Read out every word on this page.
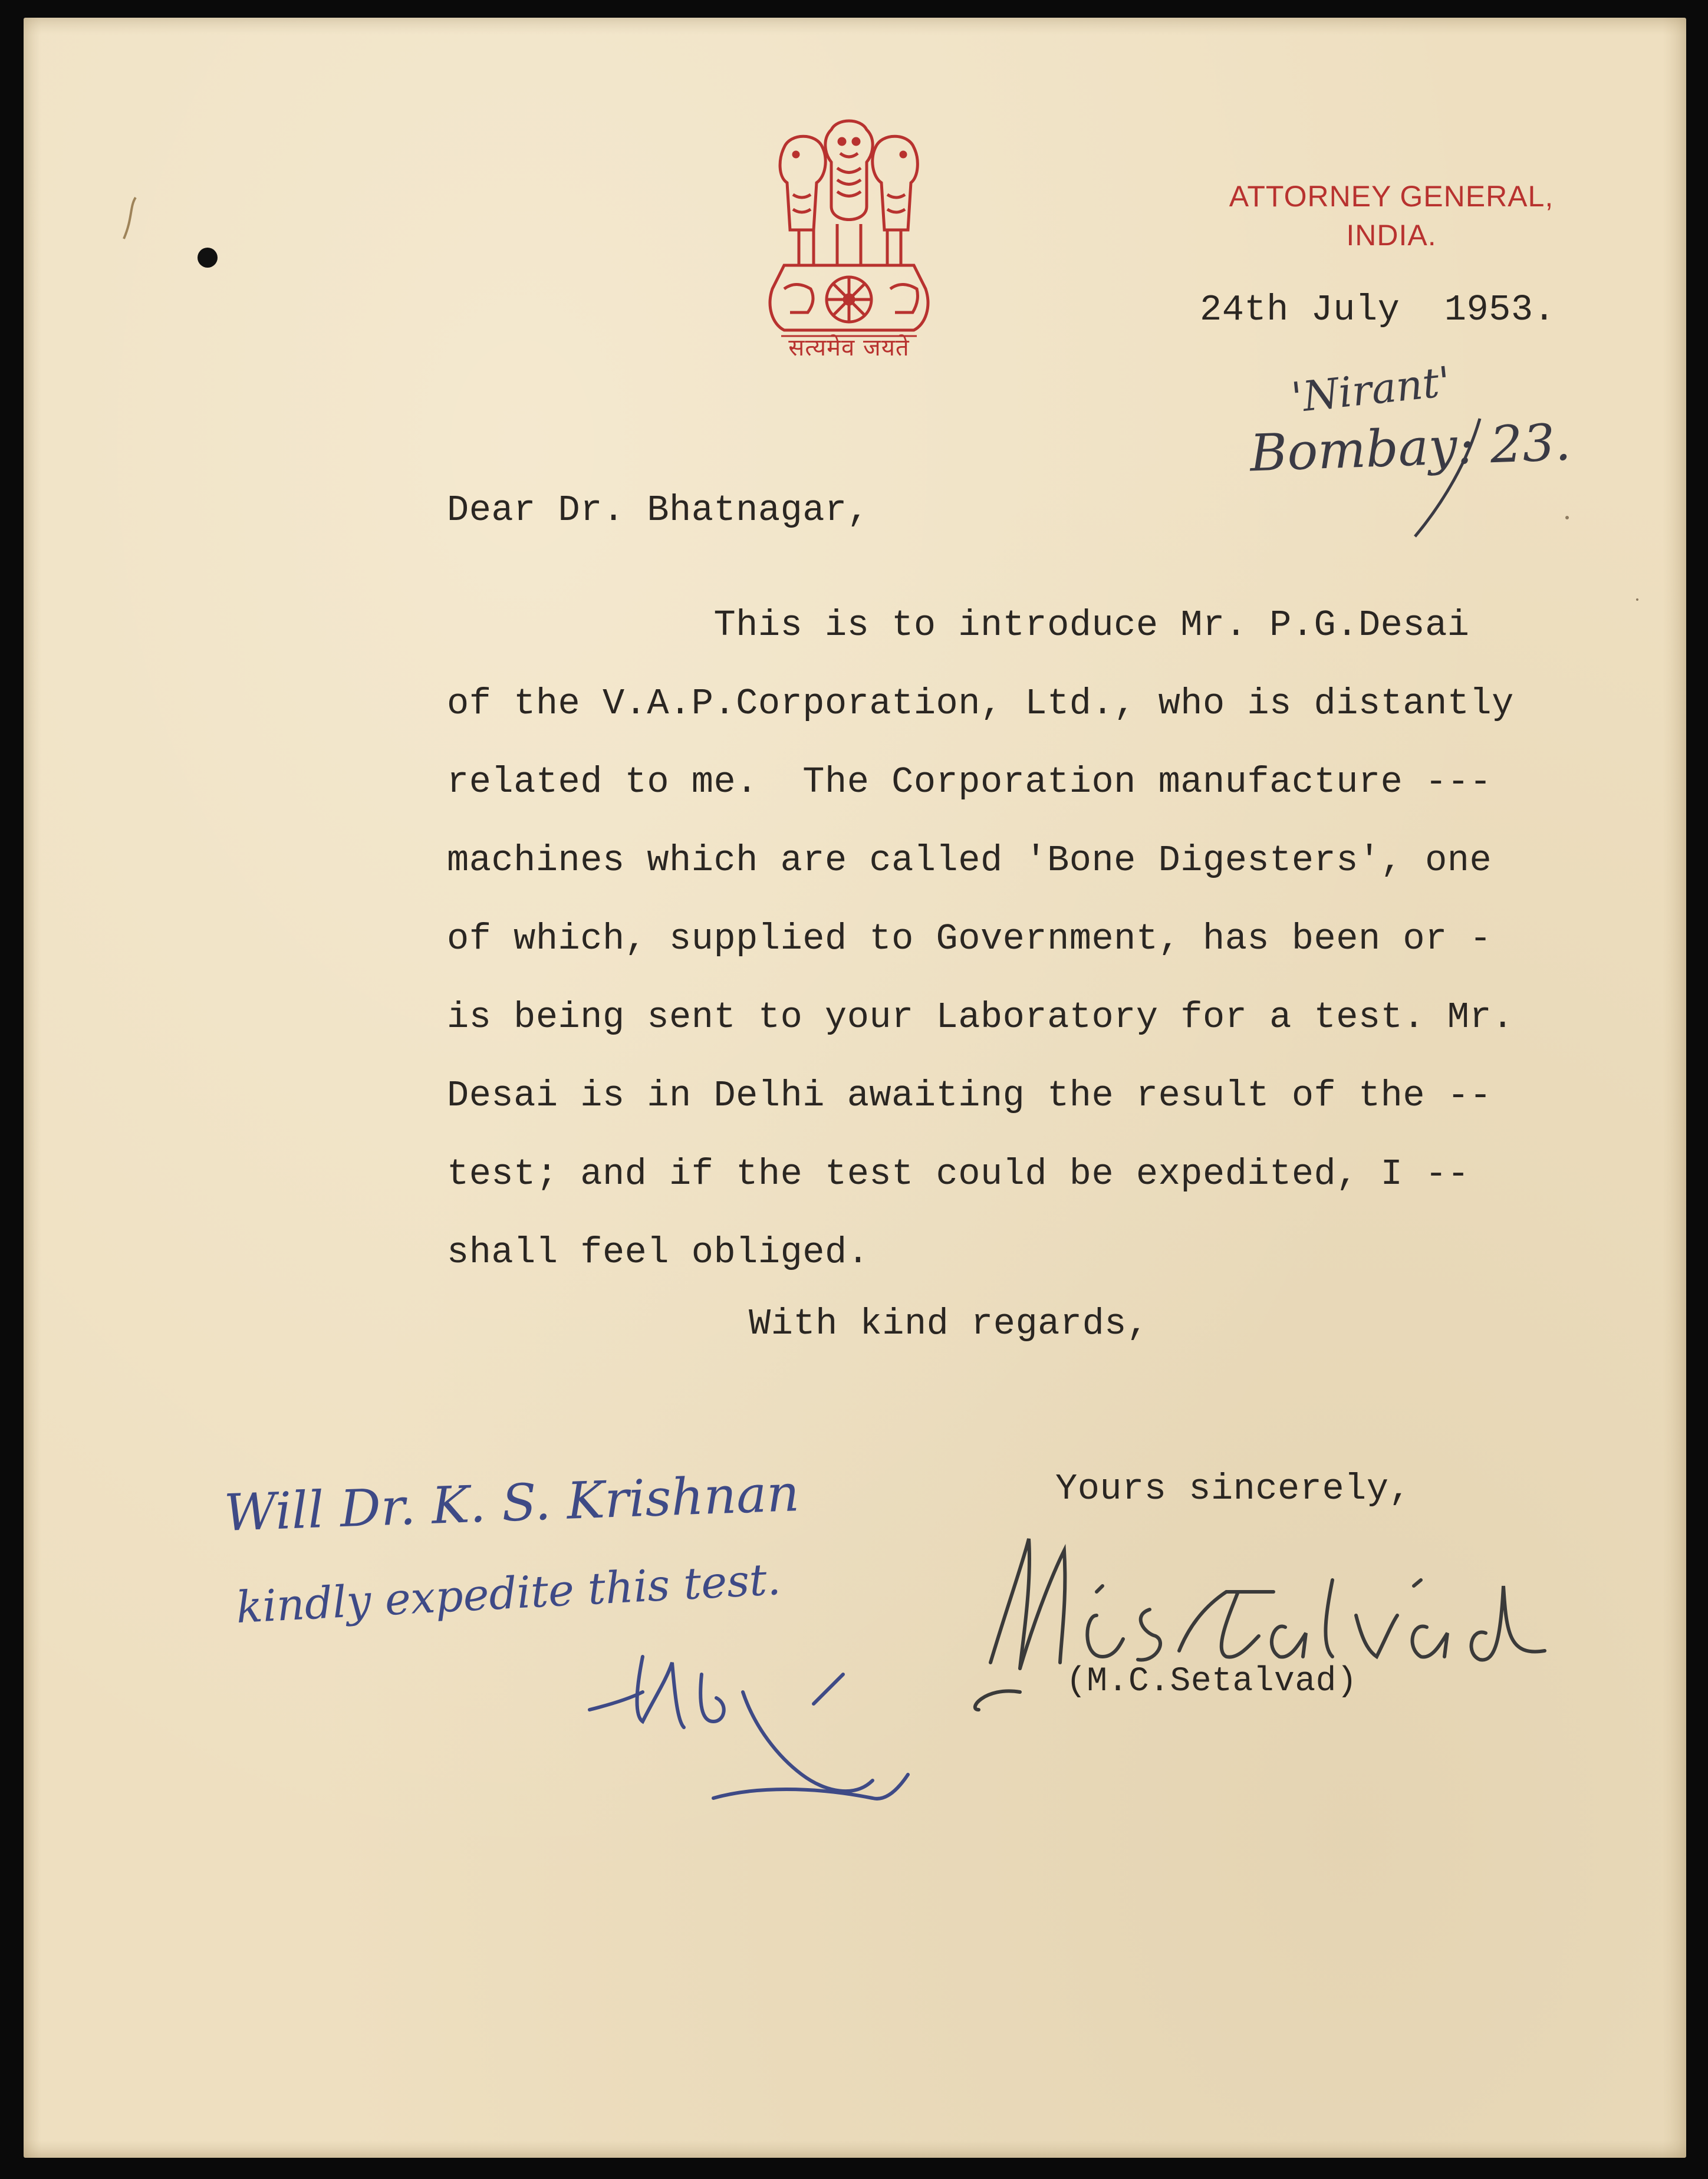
सत्यमेव जयते
ATTORNEY GENERAL,
INDIA.
24th July  1953.
'Nirant'
Bombay: 23.
Dear Dr. Bhatnagar,
This is to introduce Mr. P.G.Desai
of the V.A.P.Corporation, Ltd., who is distantly
related to me.  The Corporation manufacture ---
machines which are called 'Bone Digesters', one
of which, supplied to Government, has been or -
is being sent to your Laboratory for a test. Mr.
Desai is in Delhi awaiting the result of the --
test; and if the test could be expedited, I --
shall feel obliged.
With kind regards,
Yours sincerely,
(M.C.Setalvad)
Will Dr. K. S. Krishnan
kindly expedite this test.
